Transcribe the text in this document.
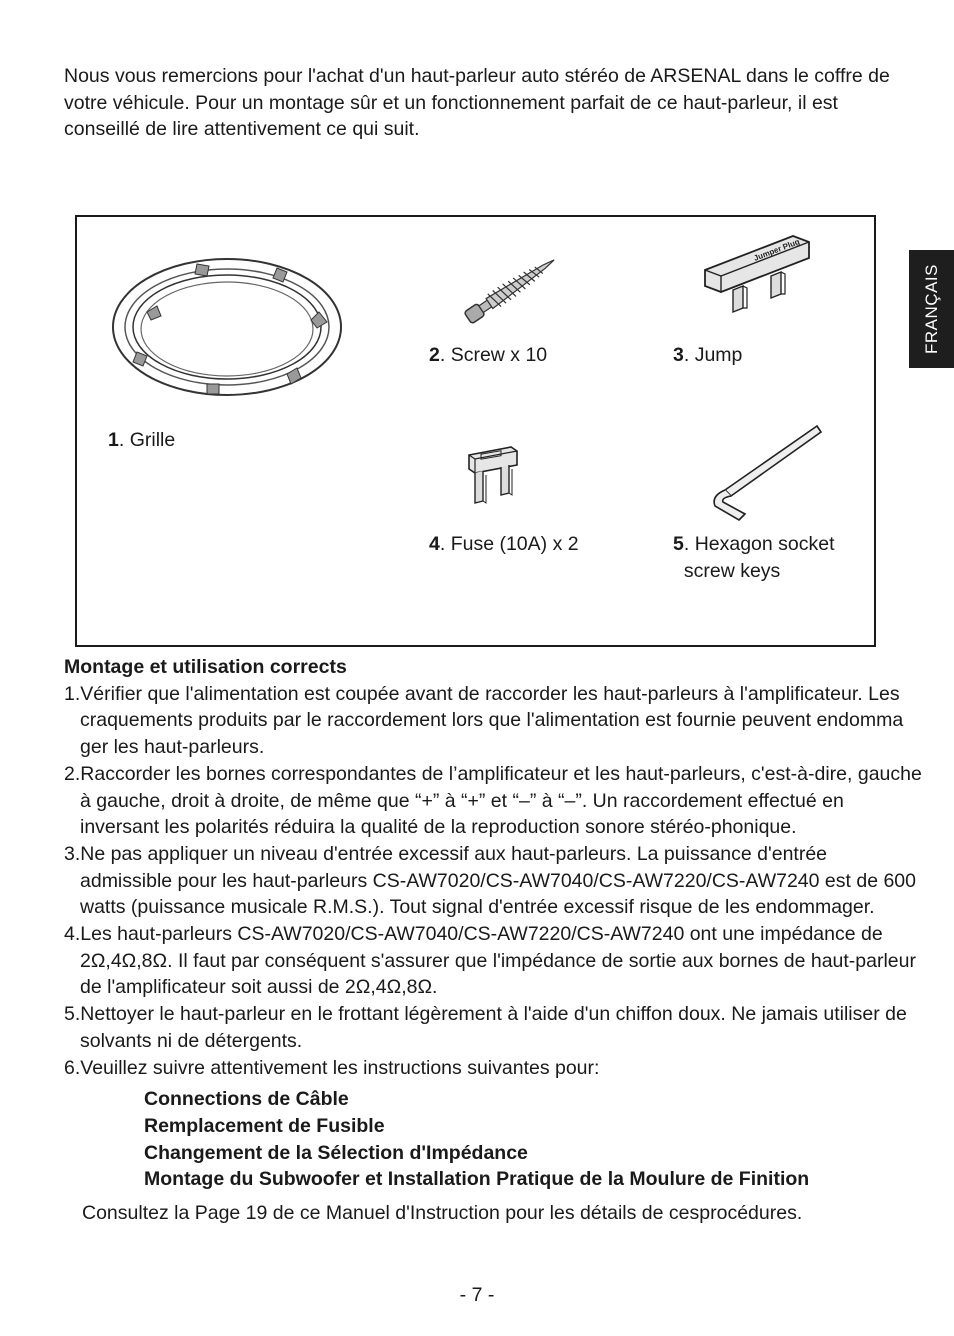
Nous vous remercions pour l'achat d'un haut-parleur auto stéréo de ARSENAL dans le coffre de votre véhicule. Pour un montage sûr et un fonctionnement parfait de ce haut-parleur, il est conseillé de lire attentivement ce qui suit.

FRANÇAIS

1. Grille

2. Screw x 10

Jumper Plug

3. Jump

4. Fuse (10A) x 2	5. Hexagon socket screw keys

Montage et utilisation corrects
1.Vérifier que l'alimentation est coupée avant de raccorder les haut-parleurs à l'amplificateur. Les craquements produits par le raccordement lors que l'alimentation est fournie peuvent endomma ger les haut-parleurs.
2.Raccorder les bornes correspondantes de l’amplificateur et les haut-parleurs, c'est-à-dire, gauche à gauche, droit à droite, de même que “+” à “+” et “–” à “–”. Un raccordement effectué en inversant les polarités réduira la qualité de la reproduction sonore stéréo-phonique.
3.Ne pas appliquer un niveau d'entrée excessif aux haut-parleurs. La puissance d'entrée admissible pour les haut-parleurs CS-AW7020/CS-AW7040/CS-AW7220/CS-AW7240 est de 600 watts (puissance musicale R.M.S.). Tout signal d'entrée excessif risque de les endommager.
4.Les haut-parleurs CS-AW7020/CS-AW7040/CS-AW7220/CS-AW7240 ont une impédance de 2Ω,4Ω,8Ω. Il faut par conséquent s'assurer que l'impédance de sortie aux bornes de haut-parleur de l'amplificateur soit aussi de 2Ω,4Ω,8Ω.
5.Nettoyer le haut-parleur en le frottant légèrement à l'aide d'un chiffon doux. Ne jamais utiliser de solvants ni de détergents.
6.Veuillez suivre attentivement les instructions suivantes pour:
Connections de Câble
Remplacement de Fusible
Changement de la Sélection d'Impédance
Montage du Subwoofer et Installation Pratique de la Moulure de Finition

Consultez la Page 19 de ce Manuel d'Instruction pour les détails de cesprocédures.

- 7 -
